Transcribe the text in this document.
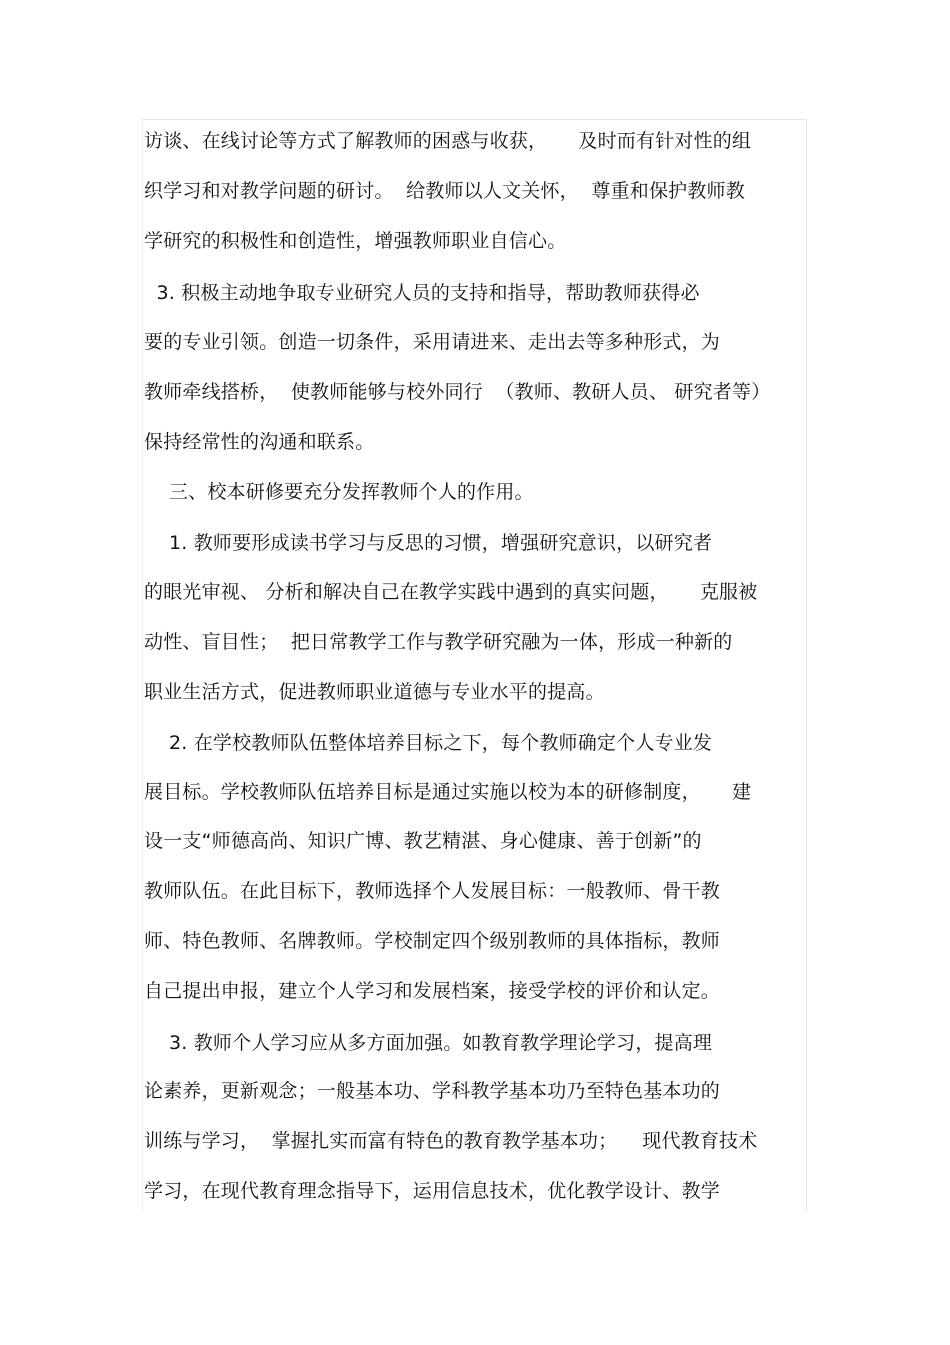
访谈、在线讨论等方式了解教师的困惑与收获，     及时而有针对性的组
织学习和对教学问题的研讨。  给教师以人文关怀，  尊重和保护教师教
学研究的积极性和创造性，增强教师职业自信心。
3. 积极主动地争取专业研究人员的支持和指导，帮助教师获得必
要的专业引领。创造一切条件，采用请进来、走出去等多种形式，为
教师牵线搭桥，  使教师能够与校外同行  （教师、教研人员、 研究者等）
保持经常性的沟通和联系。
三、校本研修要充分发挥教师个人的作用。
1. 教师要形成读书学习与反思的习惯，增强研究意识，以研究者
的眼光审视、 分析和解决自己在教学实践中遇到的真实问题，     克服被
动性、盲目性；  把日常教学工作与教学研究融为一体，形成一种新的
职业生活方式，促进教师职业道德与专业水平的提高。
2. 在学校教师队伍整体培养目标之下，每个教师确定个人专业发
展目标。学校教师队伍培养目标是通过实施以校为本的研修制度，     建
设一支“师德高尚、知识广博、教艺精湛、身心健康、善于创新”的
教师队伍。在此目标下，教师选择个人发展目标：一般教师、骨干教
师、特色教师、名牌教师。学校制定四个级别教师的具体指标，教师
自己提出申报，建立个人学习和发展档案，接受学校的评价和认定。
3. 教师个人学习应从多方面加强。如教育教学理论学习，提高理
论素养，更新观念；一般基本功、学科教学基本功乃至特色基本功的
训练与学习，  掌握扎实而富有特色的教育教学基本功；    现代教育技术
学习，在现代教育理念指导下，运用信息技术，优化教学设计、教学
